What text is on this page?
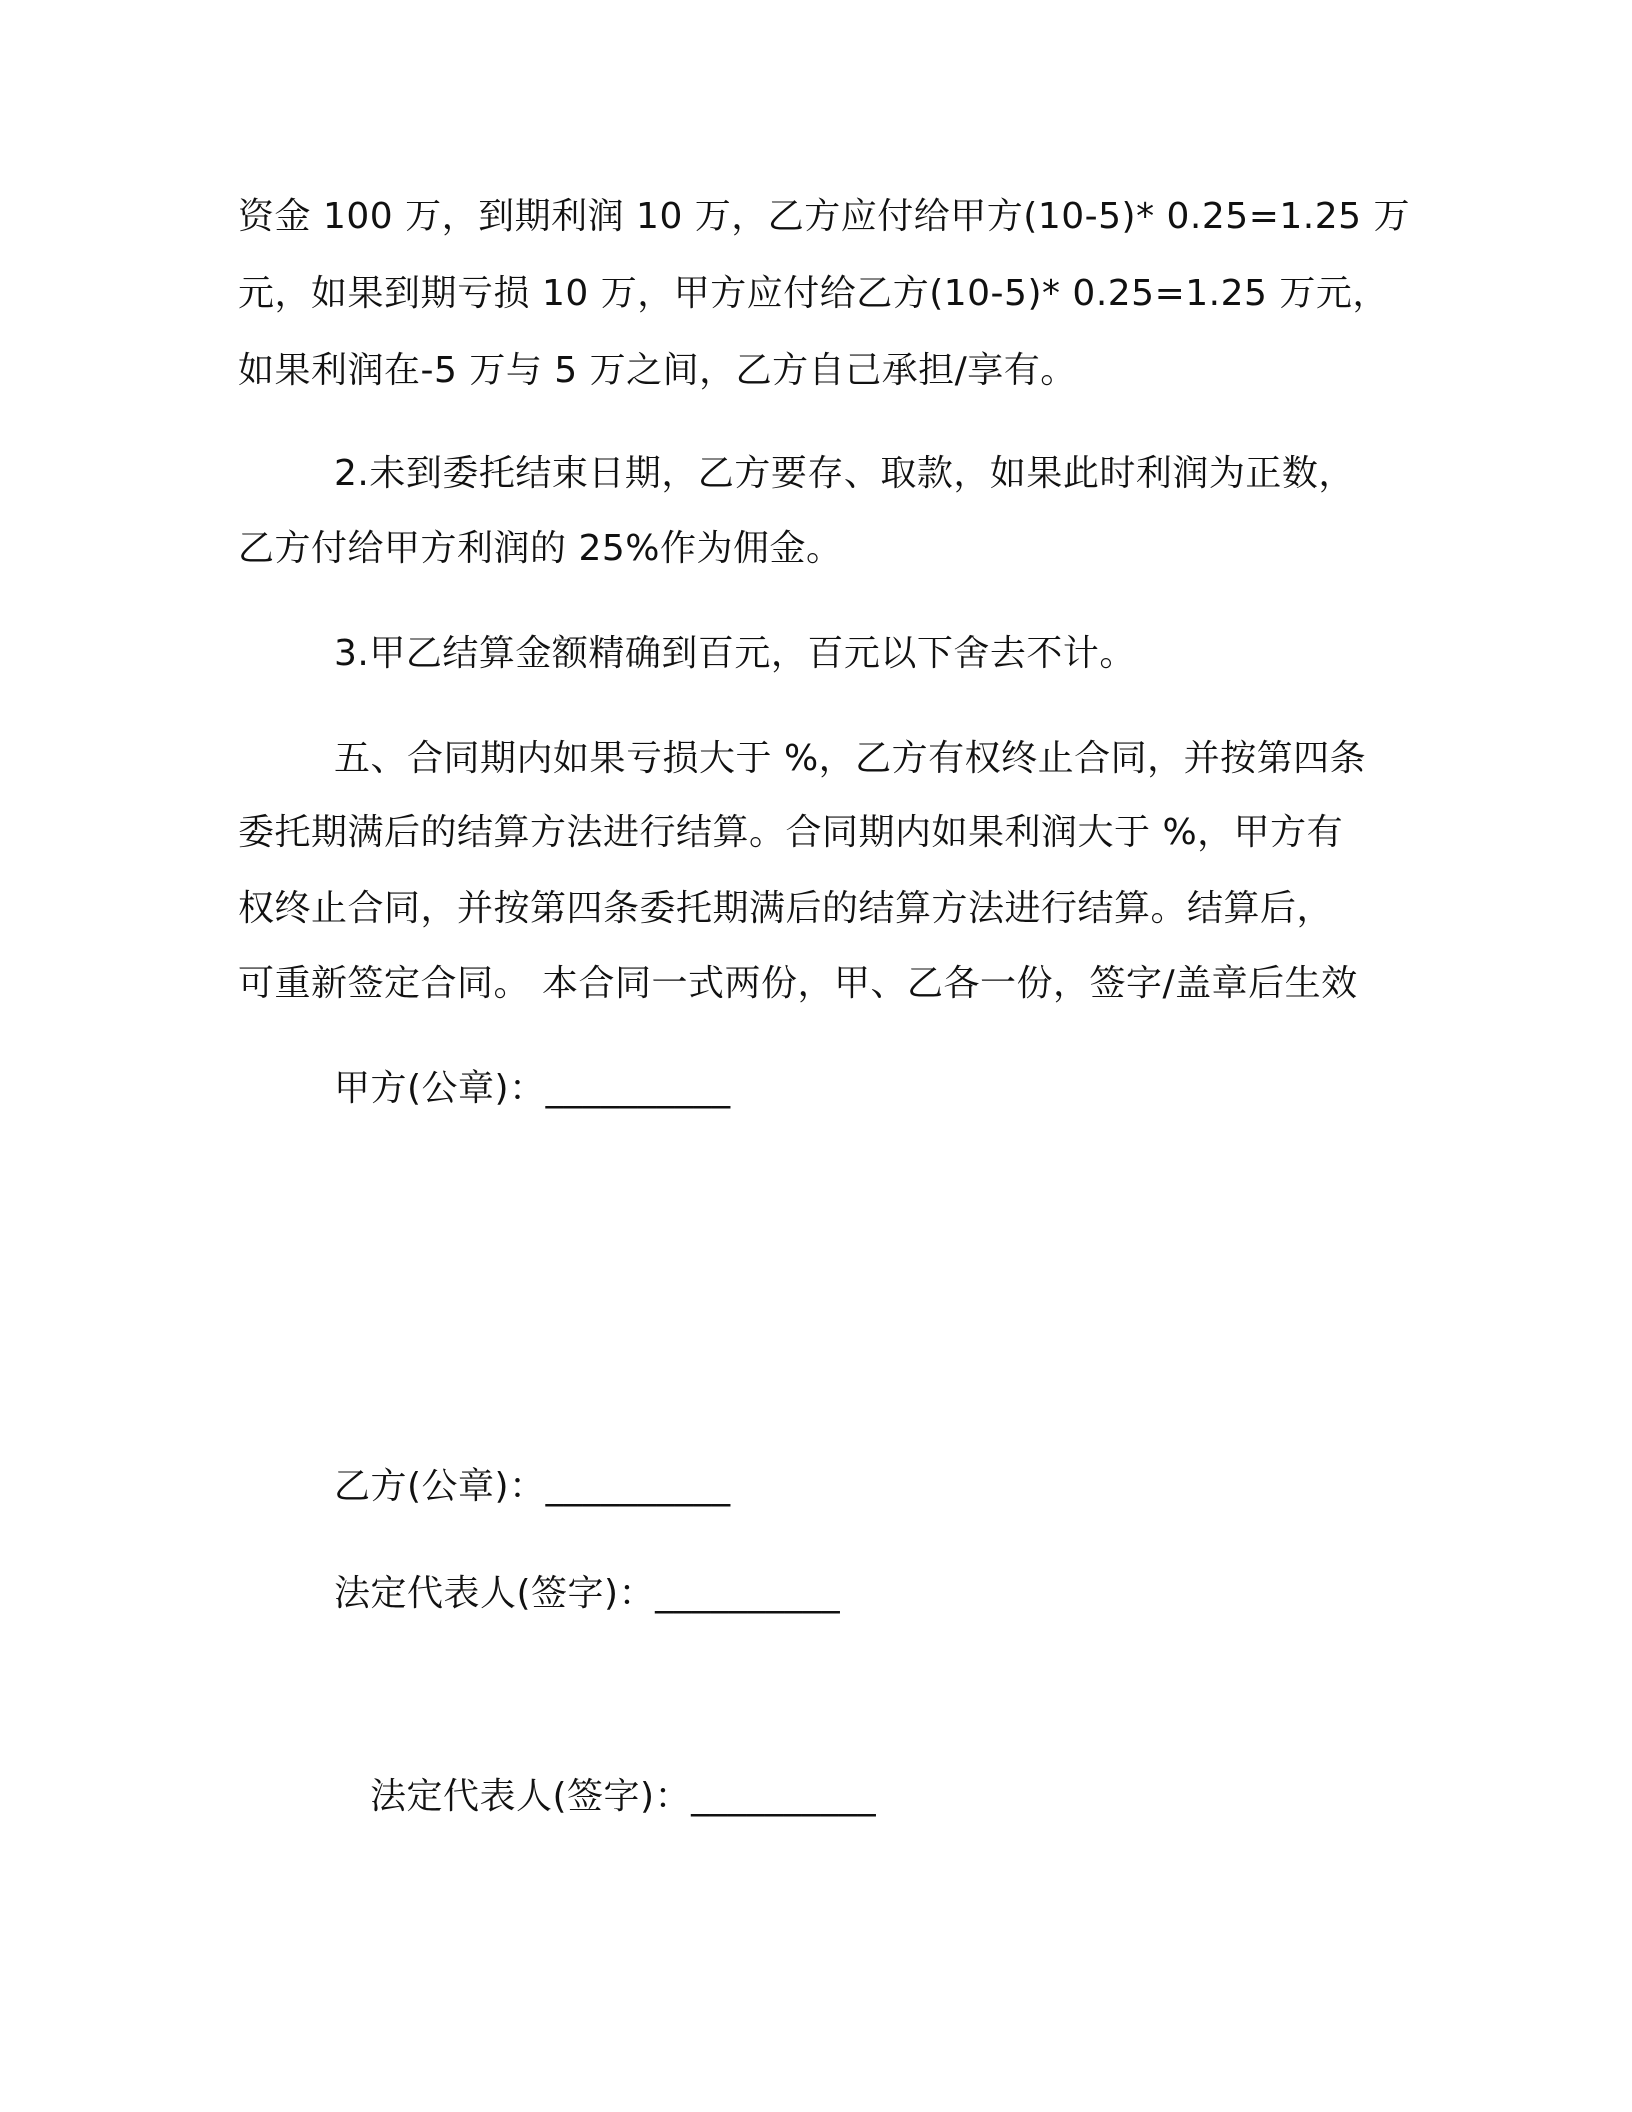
资金 100 万，到期利润 10 万，乙方应付给甲方(10-5)* 0.25=1.25 万
元，如果到期亏损 10 万，甲方应付给乙方(10-5)* 0.25=1.25 万元，
如果利润在-5 万与 5 万之间，乙方自己承担/享有。
2.未到委托结束日期，乙方要存、取款，如果此时利润为正数，
乙方付给甲方利润的 25%作为佣金。
3.甲乙结算金额精确到百元，百元以下舍去不计。
五、合同期内如果亏损大于 %，乙方有权终止合同，并按第四条
委托期满后的结算方法进行结算。合同期内如果利润大于 %，甲方有
权终止合同，并按第四条委托期满后的结算方法进行结算。结算后，
可重新签定合同。 本合同一式两份，甲、乙各一份，签字/盖章后生效
甲方(公章)：__________
乙方(公章)：__________
法定代表人(签字)：__________
法定代表人(签字)：__________
